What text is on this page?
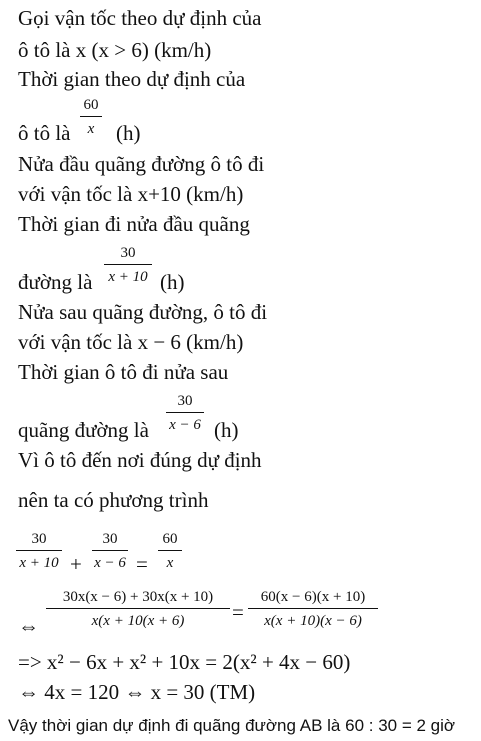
Gọi vận tốc theo dự định của
ô tô là x (x > 6) (km/h)
Thời gian theo dự định của
ô tô là
60
x	(h)
Nửa đầu quãng đường ô tô đi
với vận tốc là x+10 (km/h)
Thời gian đi nửa đầu quãng
đường là
30
x + 10 (h)
Nửa sau quãng đường, ô tô đi
với vận tốc là x − 6 (km/h)
Thời gian ô tô đi nửa sau
quãng đường là
30
x − 6 (h)
Vì ô tô đến nơi đúng dự định
nên ta có phương trình
30
x + 10 +
30
x − 6 =
60
x
⇔
30x(x − 6) + 30x(x + 10)
x(x + 10(x + 6)	=
60(x − 6)(x + 10)
x(x + 10)(x − 6)
=> x² − 6x + x² + 10x = 2(x² + 4x − 60)
⇔ 4x = 120 ⇔ x = 30 (TM)
Vậy thời gian dự định đi quãng đường AB là 60 : 30 = 2 giờ
